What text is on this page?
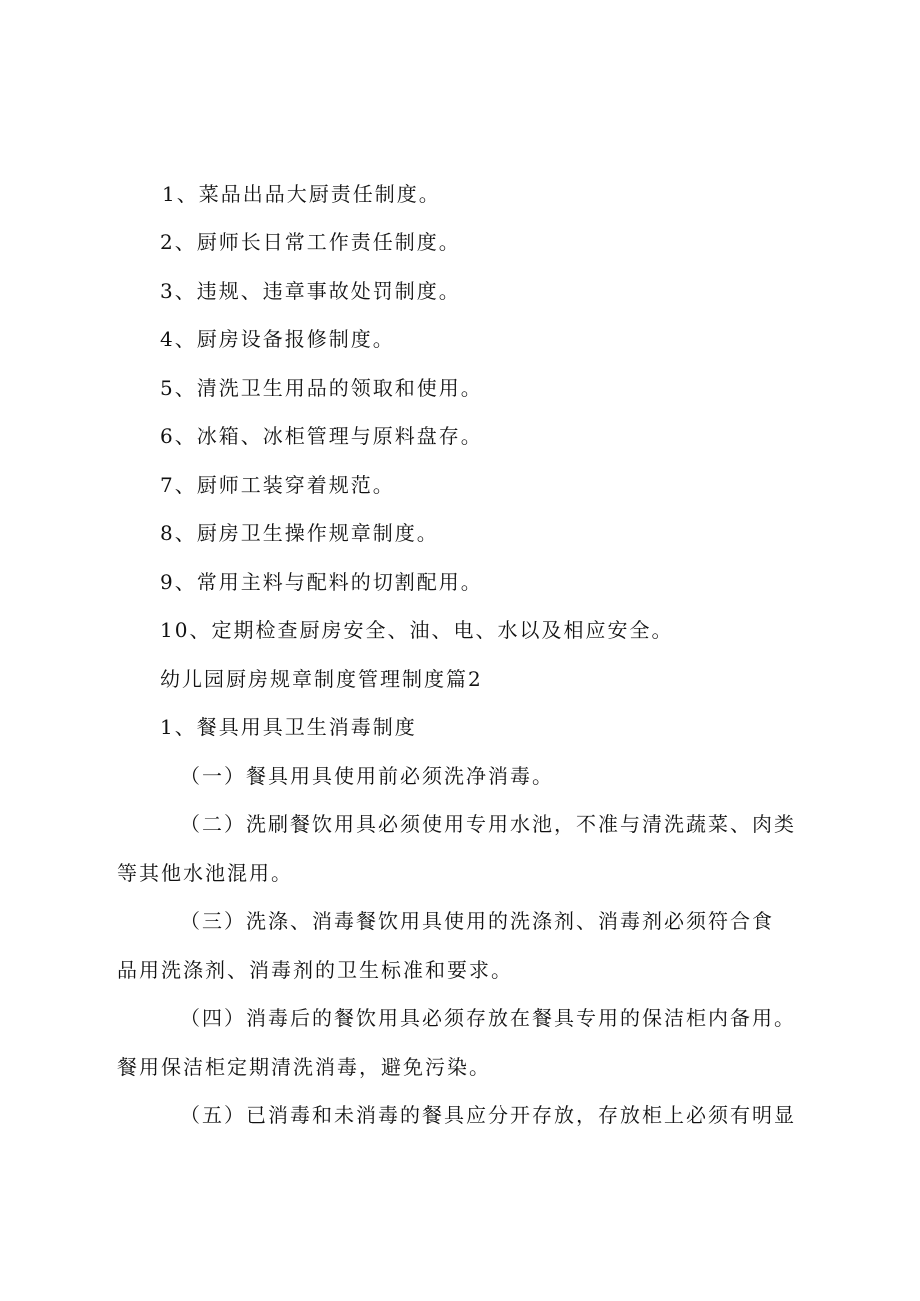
1、菜品出品大厨责任制度。
2、厨师长日常工作责任制度。
3、违规、违章事故处罚制度。
4、厨房设备报修制度。
5、清洗卫生用品的领取和使用。
6、冰箱、冰柜管理与原料盘存。
7、厨师工装穿着规范。
8、厨房卫生操作规章制度。
9、常用主料与配料的切割配用。
10、定期检查厨房安全、油、电、水以及相应安全。
幼儿园厨房规章制度管理制度篇2
1、餐具用具卫生消毒制度
（一）餐具用具使用前必须洗净消毒。
（二）洗刷餐饮用具必须使用专用水池，不准与清洗蔬菜、肉类
等其他水池混用。
（三）洗涤、消毒餐饮用具使用的洗涤剂、消毒剂必须符合食
品用洗涤剂、消毒剂的卫生标准和要求。
（四）消毒后的餐饮用具必须存放在餐具专用的保洁柜内备用。
餐用保洁柜定期清洗消毒，避免污染。
（五）已消毒和未消毒的餐具应分开存放，存放柜上必须有明显
